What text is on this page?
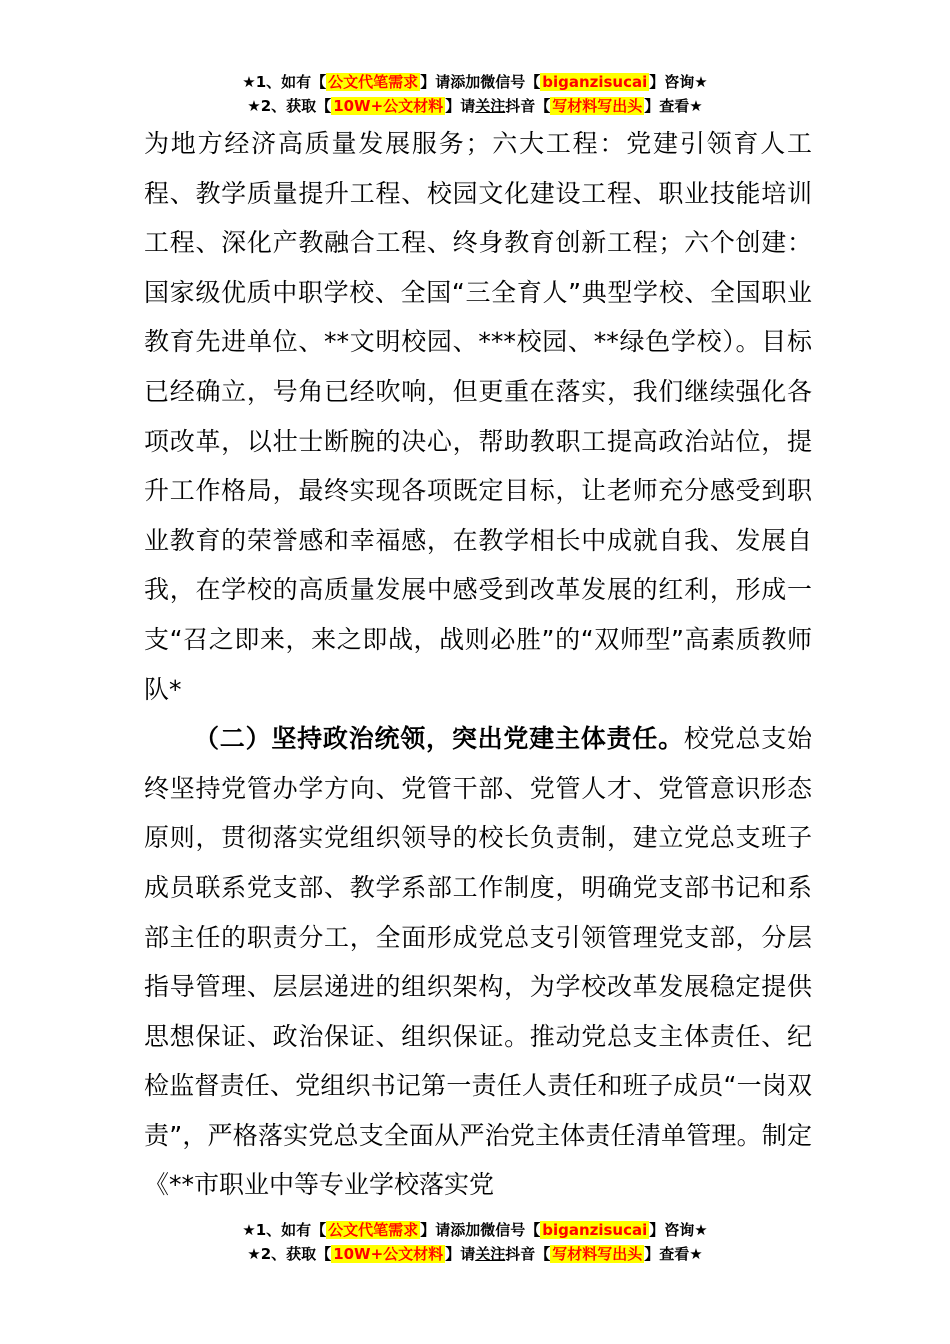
★1、如有【 公文代笔需求 】请添加微信号【 biganzisucai 】咨询★
★2、获取【 10W+公文材料 】请关注抖音【 写材料写出头 】查看★

为地方经济高质量发展服务；六大工程：党建引领育人工程、教学质量提升工程、校园文化建设工程、职业技能培训工程、深化产教融合工程、终身教育创新工程；六个创建：国家级优质中职学校、全国“三全育人”典型学校、全国职业教育先进单位、**文明校园、***校园、**绿色学校）。目标已经确立，号角已经吹响，但更重在落实，我们继续强化各项改革，以壮士断腕的决心，帮助教职工提高政治站位，提升工作格局，最终实现各项既定目标，让老师充分感受到职业教育的荣誉感和幸福感，在教学相长中成就自我、发展自我，在学校的高质量发展中感受到改革发展的红利，形成一支“召之即来，来之即战，战则必胜”的“双师型”高素质教师队*

（二）坚持政治统领，突出党建主体责任。校党总支始终坚持党管办学方向、党管干部、党管人才、党管意识形态原则，贯彻落实党组织领导的校长负责制，建立党总支班子成员联系党支部、教学系部工作制度，明确党支部书记和系部主任的职责分工，全面形成党总支引领管理党支部，分层指导管理、层层递进的组织架构，为学校改革发展稳定提供思想保证、政治保证、组织保证。推动党总支主体责任、纪检监督责任、党组织书记第一责任人责任和班子成员“一岗双责”，严格落实党总支全面从严治党主体责任清单管理。制定《**市职业中等专业学校落实党

★1、如有【 公文代笔需求 】请添加微信号【 biganzisucai 】咨询★
★2、获取【 10W+公文材料 】请关注抖音【 写材料写出头 】查看★
